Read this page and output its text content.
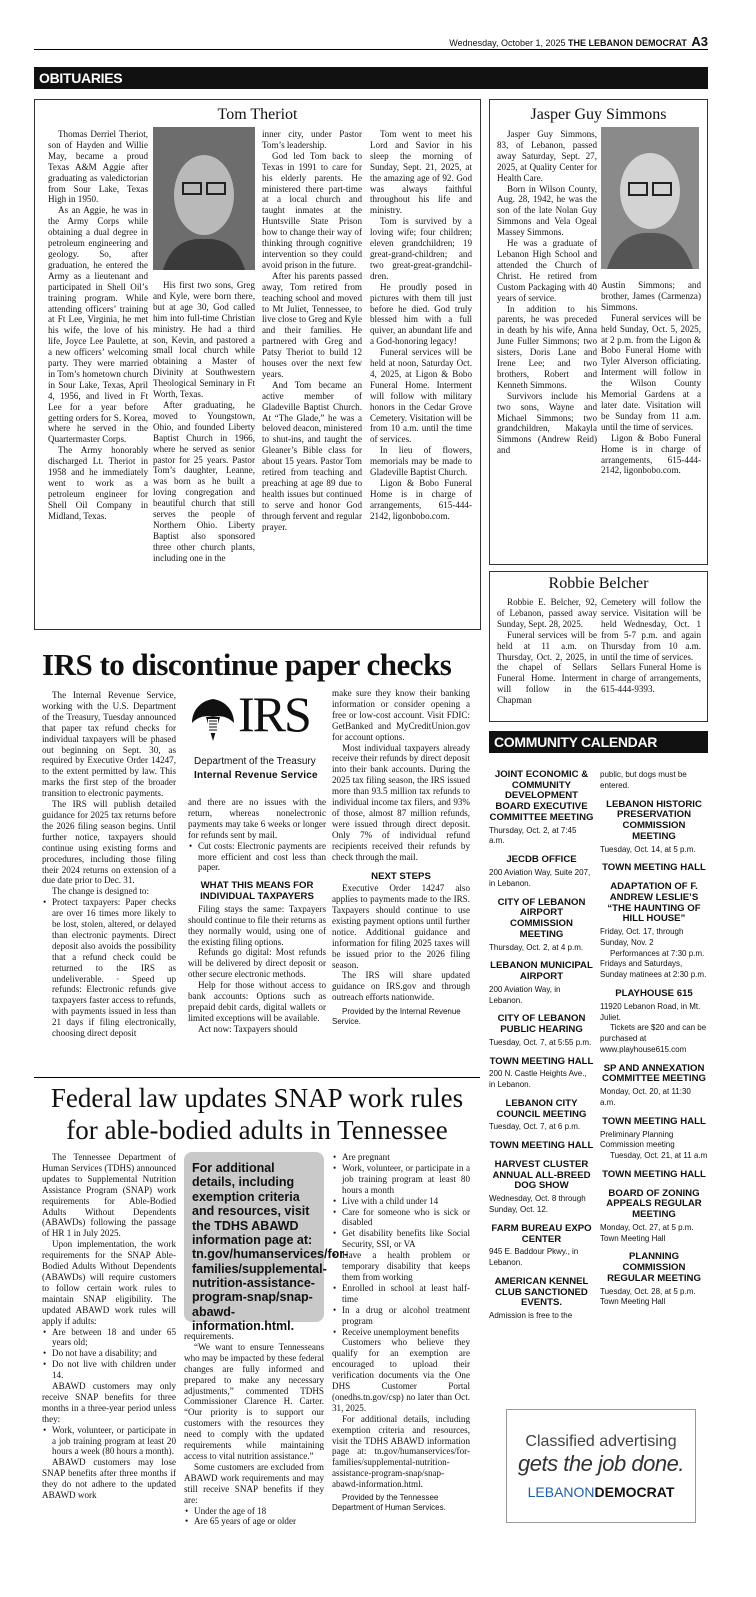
Wednesday, October 1, 2025 THE LEBANON DEMOCRAT A3
OBITUARIES
Tom Theriot

Thomas Derriel Theriot, son of Hayden and Willie May, became a proud Texas A&M Aggie after graduating as valedictorian from Sour Lake, Texas High in 1950.

As an Aggie, he was in the Army Corps while obtaining a dual degree in petroleum engineering and geology. So, after graduation, he entered the Army as a lieutenant and participated in Shell Oil’s training program. While attending officers’ training at Ft Lee, Virginia, he met his wife, the love of his life, Joyce Lee Paulette, at a new officers’ welcoming party. They were married in Tom’s hometown church in Sour Lake, Texas, April 4, 1956, and lived in Ft Lee for a year before getting orders for S. Korea, where he served in the Quartermaster Corps.

The Army honorably discharged Lt. Theriot in 1958 and he immediately went to work as a petroleum engineer for Shell Oil Company in Midland, Texas.

His first two sons, Greg and Kyle, were born there, but at age 30, God called him into full-time Christian ministry. He had a third son, Kevin, and pastored a small local church while obtaining a Master of Divinity at Southwestern Theological Seminary in Ft Worth, Texas.

After graduating, he moved to Youngstown, Ohio, and founded Liberty Baptist Church in 1966, where he served as senior pastor for 25 years. Pastor Tom’s daughter, Leanne, was born as he built a loving congregation and beautiful church that still serves the people of Northern Ohio. Liberty Baptist also sponsored three other church plants, including one in the

inner city, under Pastor Tom’s leadership.

God led Tom back to Texas in 1991 to care for his elderly parents. He ministered there part-time at a local church and taught inmates at the Huntsville State Prison how to change their way of thinking through cognitive intervention so they could avoid prison in the future.

After his parents passed away, Tom retired from teaching school and moved to Mt Juliet, Tennessee, to live close to Greg and Kyle and their families. He partnered with Greg and Patsy Theriot to build 12 houses over the next few years.

And Tom became an active member of Gladeville Baptist Church. At “The Glade,” he was a beloved deacon, ministered to shut-ins, and taught the Gleaner’s Bible class for about 15 years. Pastor Tom retired from teaching and preaching at age 89 due to health issues but continued to serve and honor God through fervent and regular prayer.

Tom went to meet his Lord and Savior in his sleep the morning of Sunday, Sept. 21, 2025, at the amazing age of 92. God was always faithful throughout his life and ministry.

Tom is survived by a loving wife; four children; eleven grandchildren; 19 great-grand-children; and two great-great-grandchil-dren.

He proudly posed in pictures with them till just before he died. God truly blessed him with a full quiver, an abundant life and a God-honoring legacy!

Funeral services will be held at noon, Saturday Oct. 4, 2025, at Ligon & Bobo Funeral Home. Interment will follow with military honors in the Cedar Grove Cemetery. Visitation will be from 10 a.m. until the time of services.

In lieu of flowers, memorials may be made to Gladeville Baptist Church.

Ligon & Bobo Funeral Home is in charge of arrangements, 615-444-2142, ligonbobo.com.

Jasper Guy Simmons

Jasper Guy Simmons, 83, of Lebanon, passed away Saturday, Sept. 27, 2025, at Quality Center for Health Care.

Born in Wilson County, Aug. 28, 1942, he was the son of the late Nolan Guy Simmons and Vela Ogeal Massey Simmons.

He was a graduate of Lebanon High School and attended the Church of Christ. He retired from Custom Packaging with 40 years of service.

In addition to his parents, he was preceded in death by his wife, Anna June Fuller Simmons; two sisters, Doris Lane and Irene Lee; and two brothers, Robert and Kenneth Simmons.

Survivors include his two sons, Wayne and Michael Simmons; two grandchildren, Makayla Simmons (Andrew Reid) and

Austin Simmons; and brother, James (Carmenza) Simmons.

Funeral services will be held Sunday, Oct. 5, 2025, at 2 p.m. from the Ligon & Bobo Funeral Home with Tyler Alverson officiating. Interment will follow in the Wilson County Memorial Gardens at a later date. Visitation will be Sunday from 11 a.m. until the time of services.

Ligon & Bobo Funeral Home is in charge of arrangements, 615-444-2142, ligonbobo.com.

Robbie Belcher

Robbie E. Belcher, 92, of Lebanon, passed away Sunday, Sept. 28, 2025.

Funeral services will be held at 11 a.m. on Thursday, Oct. 2, 2025, in the chapel of Sellars Funeral Home. Interment will follow in the Chapman

Cemetery will follow the service. Visitation will be held Wednesday, Oct. 1 from 5-7 p.m. and again Thursday from 10 a.m. until the time of services.

Sellars Funeral Home is in charge of arrangements, 615-444-9393.

IRS to discontinue paper checks
IRS
Department of the Treasury
Internal Revenue Service

The Internal Revenue Service, working with the U.S. Department of the Treasury, Tuesday announced that paper tax refund checks for individual taxpayers will be phased out beginning on Sept. 30, as required by Executive Order 14247, to the extent permitted by law. This marks the first step of the broader transition to electronic payments.

The IRS will publish detailed guidance for 2025 tax returns before the 2026 filing season begins. Until further notice, taxpayers should continue using existing forms and procedures, including those filing their 2024 returns on extension of a due date prior to Dec. 31.

The change is designed to:

• Protect taxpayers: Paper checks are over 16 times more likely to be lost, stolen, altered, or delayed than electronic payments. Direct deposit also avoids the possibility that a refund check could be returned to the IRS as undeliverable. · Speed up refunds: Electronic refunds give taxpayers faster access to refunds, with payments issued in less than 21 days if filing electronically, choosing direct deposit

and there are no issues with the return, whereas nonelectronic payments may take 6 weeks or longer for refunds sent by mail.

• Cut costs: Electronic payments are more efficient and cost less than paper.

WHAT THIS MEANS FOR INDIVIDUAL TAXPAYERS

Filing stays the same: Taxpayers should continue to file their returns as they normally would, using one of the existing filing options.

Refunds go digital: Most refunds will be delivered by direct deposit or other secure electronic methods.

Help for those without access to bank accounts: Options such as prepaid debit cards, digital wallets or limited exceptions will be available.

Act now: Taxpayers should

make sure they know their banking information or consider opening a free or low-cost account. Visit FDIC: GetBanked and MyCreditUnion.gov for account options.

Most individual taxpayers already receive their refunds by direct deposit into their bank accounts. During the 2025 tax filing season, the IRS issued more than 93.5 million tax refunds to individual income tax filers, and 93% of those, almost 87 million refunds, were issued through direct deposit. Only 7% of individual refund recipients received their refunds by check through the mail.

NEXT STEPS

Executive Order 14247 also applies to payments made to the IRS. Taxpayers should continue to use existing payment options until further notice. Additional guidance and information for filing 2025 taxes will be issued prior to the 2026 filing season.

The IRS will share updated guidance on IRS.gov and through outreach efforts nationwide.

Provided by the Internal Revenue Service.
Federal law updates SNAP work rules
for able-bodied adults in Tennessee

The Tennessee Department of Human Services (TDHS) announced updates to Supplemental Nutrition Assistance Program (SNAP) work requirements for Able-Bodied Adults Without Dependents (ABAWDs) following the passage of HR 1 in July 2025.

Upon implementation, the work requirements for the SNAP Able-Bodied Adults Without Dependents (ABAWDs) will require customers to follow certain work rules to maintain SNAP eligibility. The updated ABAWD work rules will apply if adults:

• Are between 18 and under 65 years old;

• Do not have a disability; and

• Do not live with children under 14.

ABAWD customers may only receive SNAP benefits for three months in a three-year period unless they:

• Work, volunteer, or participate in a job training program at least 20 hours a week (80 hours a month).

ABAWD customers may lose SNAP benefits after three months if they do not adhere to the updated ABAWD work

For additional details, including exemption criteria and resources, visit the TDHS ABAWD information page at: tn.gov/humanservices/for-families/supplemental-nutrition-assistance-program-snap/snap-abawd-information.html.

requirements.

“We want to ensure Tennesseans who may be impacted by these federal changes are fully informed and prepared to make any necessary adjustments,” commented TDHS Commissioner Clarence H. Carter. “Our priority is to support our customers with the resources they need to comply with the updated requirements while maintaining access to vital nutrition assistance.”

Some customers are excluded from ABAWD work requirements and may still receive SNAP benefits if they are:

• Under the age of 18

• Are 65 years of age or older

• Are pregnant

• Work, volunteer, or participate in a job training program at least 80 hours a month

• Live with a child under 14

• Care for someone who is sick or disabled

• Get disability benefits like Social Security, SSI, or VA

• Have a health problem or temporary disability that keeps them from working

• Enrolled in school at least half-time

• In a drug or alcohol treatment program

• Receive unemployment benefits

Customers who believe they qualify for an exemption are encouraged to upload their verification documents via the One DHS Customer Portal (onedhs.tn.gov/csp) no later than Oct. 31, 2025.

For additional details, including exemption criteria and resources, visit the TDHS ABAWD information page at: tn.gov/humanservices/for-families/supplemental-nutrition-assistance-program-snap/snap-abawd-information.html.

Provided by the Tennessee Department of Human Services.
COMMUNITY CALENDAR
JOINT ECONOMIC & COMMUNITY DEVELOPMENT BOARD EXECUTIVE COMMITTEE MEETING
Thursday, Oct. 2, at 7:45 a.m.
JECDB OFFICE
200 Aviation Way, Suite 207, in Lebanon.
CITY OF LEBANON AIRPORT COMMISSION MEETING
Thursday, Oct. 2, at 4 p.m.
LEBANON MUNICIPAL AIRPORT
200 Aviation Way, in Lebanon.
CITY OF LEBANON PUBLIC HEARING
Tuesday, Oct. 7, at 5:55 p.m.
TOWN MEETING HALL
200 N. Castle Heights Ave., in Lebanon.
LEBANON CITY COUNCIL MEETING
Tuesday, Oct. 7, at 6 p.m.
TOWN MEETING HALL
HARVEST CLUSTER ANNUAL ALL-BREED DOG SHOW
Wednesday, Oct. 8 through Sunday, Oct. 12.
FARM BUREAU EXPO CENTER
945 E. Baddour Pkwy., in Lebanon.
AMERICAN KENNEL CLUB SANCTIONED EVENTS.
Admission is free to the
public, but dogs must be entered.
LEBANON HISTORIC PRESERVATION COMMISSION MEETING
Tuesday, Oct. 14, at 5 p.m.
TOWN MEETING HALL
ADAPTATION OF F. ANDREW LESLIE’S “THE HAUNTING OF HILL HOUSE”
Friday, Oct. 17, through Sunday, Nov. 2
Performances at 7:30 p.m. Fridays and Saturdays, Sunday matinees at 2:30 p.m.
PLAYHOUSE 615
11920 Lebanon Road, in Mt. Juliet.
Tickets are $20 and can be purchased at www.playhouse615.com
SP AND ANNEXATION COMMITTEE MEETING
Monday, Oct. 20, at 11:30 a.m.
TOWN MEETING HALL
Preliminary Planning Commission meeting
Tuesday, Oct. 21, at 11 a.m
TOWN MEETING HALL
BOARD OF ZONING APPEALS REGULAR MEETING
Monday, Oct. 27, at 5 p.m. Town Meeting Hall
PLANNING COMMISSION REGULAR MEETING
Tuesday, Oct. 28, at 5 p.m. Town Meeting Hall
Classified advertising
gets the job done.
LEBANONDEMOCRAT
